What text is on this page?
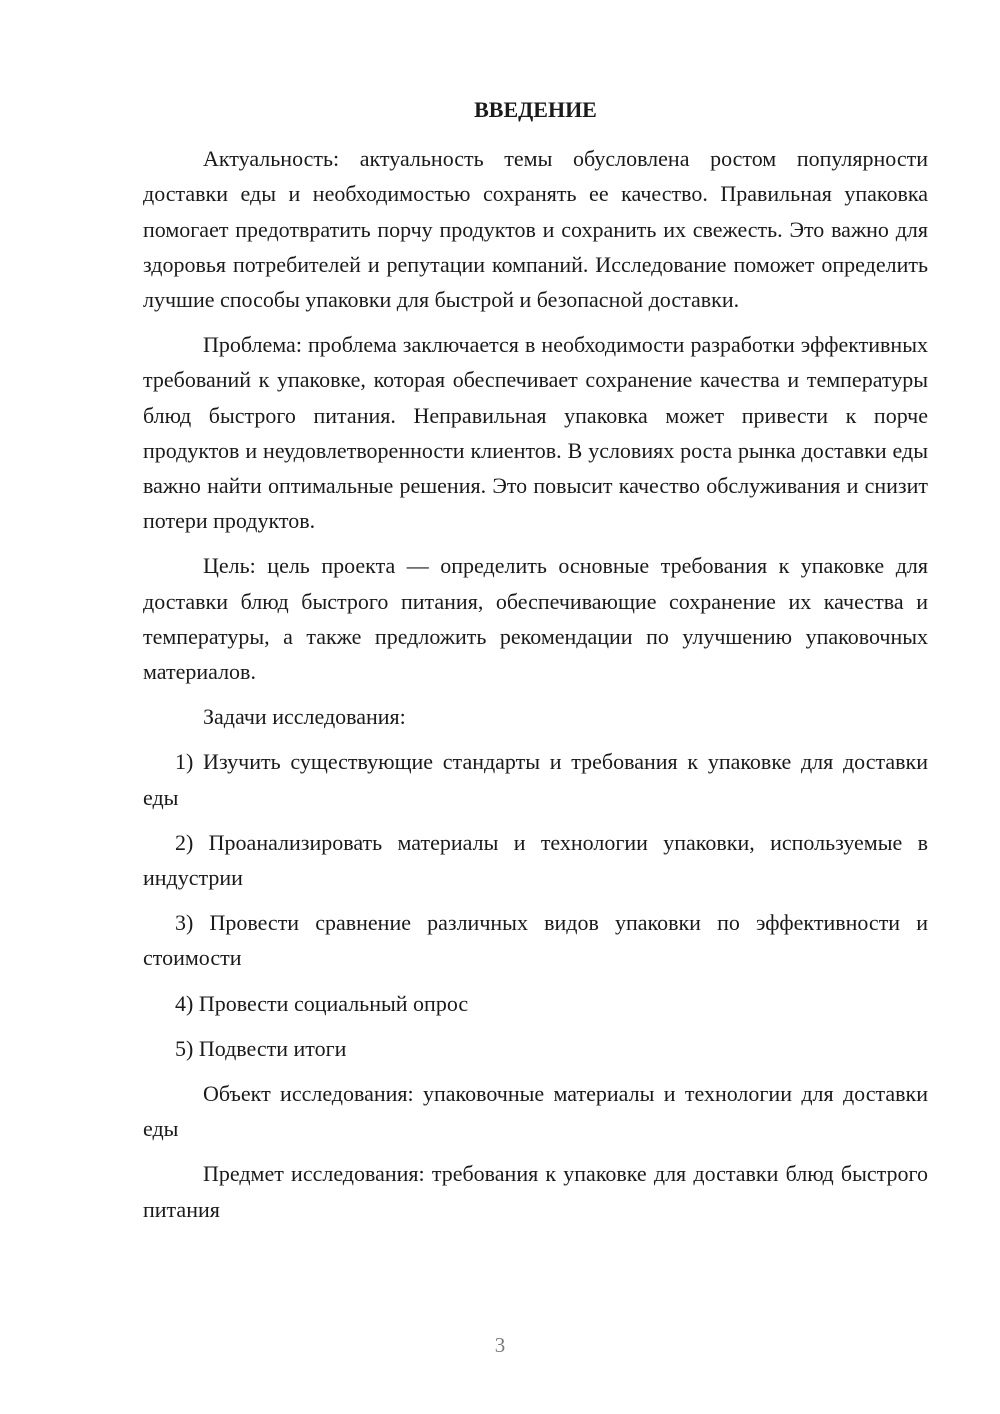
ВВЕДЕНИЕ

Актуальность: актуальность темы обусловлена ростом популярности доставки еды и необходимостью сохранять ее качество. Правильная упаковка помогает предотвратить порчу продуктов и сохранить их свежесть. Это важно для здоровья потребителей и репутации компаний. Исследование поможет определить лучшие способы упаковки для быстрой и безопасной доставки.

Проблема: проблема заключается в необходимости разработки эффективных требований к упаковке, которая обеспечивает сохранение качества и температуры блюд быстрого питания. Неправильная упаковка может привести к порче продуктов и неудовлетворенности клиентов. В условиях роста рынка доставки еды важно найти оптимальные решения. Это повысит качество обслуживания и снизит потери продуктов.

Цель: цель проекта — определить основные требования к упаковке для доставки блюд быстрого питания, обеспечивающие сохранение их качества и температуры, а также предложить рекомендации по улучшению упаковочных материалов.

Задачи исследования:

1) Изучить существующие стандарты и требования к упаковке для доставки еды

2) Проанализировать материалы и технологии упаковки, используемые в индустрии

3) Провести сравнение различных видов упаковки по эффективности и стоимости

4) Провести социальный опрос

5) Подвести итоги

Объект исследования: упаковочные материалы и технологии для доставки еды

Предмет исследования: требования к упаковке для доставки блюд быстрого питания

3
